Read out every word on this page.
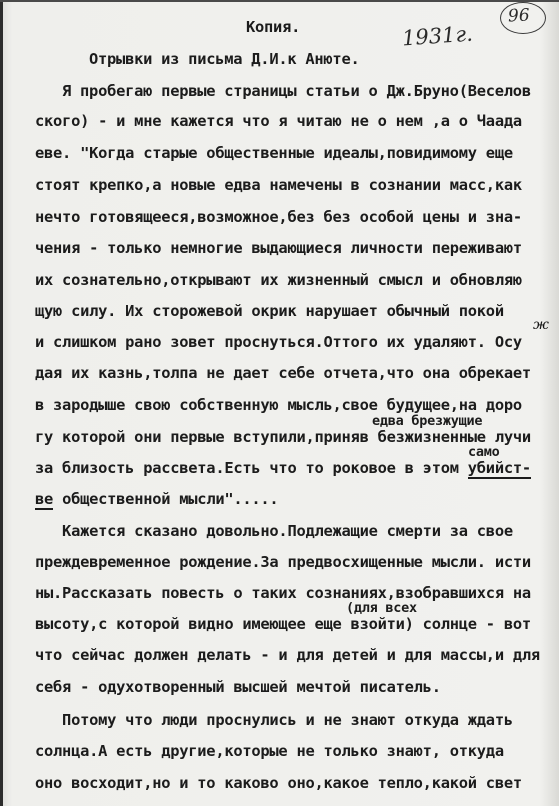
96
1931г.
Копия.
Отрывки из письма Д.И.к Анюте.
Я пробегаю первые страницы статьи о Дж.Бруно(Веселов
ского) - и мне кажется что я читаю не о нем ,а о Чаада
еве. "Когда старые общественные идеалы,повидимому еще
стоят крепко,а новые едва намечены в сознании масс,как
нечто готовящееся,возможное,без без особой цены и зна-
чения - только немногие выдающиеся личности переживают
их сознательно,открывают их жизненный смысл и обновляю
щую силу. Их сторожевой окрик нарушает обычный покой
ж
и слишком рано зовет проснуться.Оттого их удаляют. Осу
дая их казнь,толпа не дает себе отчета,что она обрекает
в зародыше свою собственную мысль,свое будущее,на доро
едва брезжущие
гу которой они первые вступили,приняв безжизненные лучи
само
за близость рассвета.Есть что то роковое в этом убийст-
ве общественной мысли".....
Кажется сказано довольно.Подлежащие смерти за свое
преждевременное рождение.За предвосхищенные мысли. исти
ны.Рассказать повесть о таких сознаниях,взобравшихся на
(для всех
высоту,с которой видно имеющее еще взойти) солнце - вот
что сейчас должен делать - и для детей и для массы,и для
себя - одухотворенный высшей мечтой писатель.
Потому что люди проснулись и не знают откуда ждать
солнца.А есть другие,которые не только знают, откуда
оно восходит,но и то каково оно,какое тепло,какой свет
